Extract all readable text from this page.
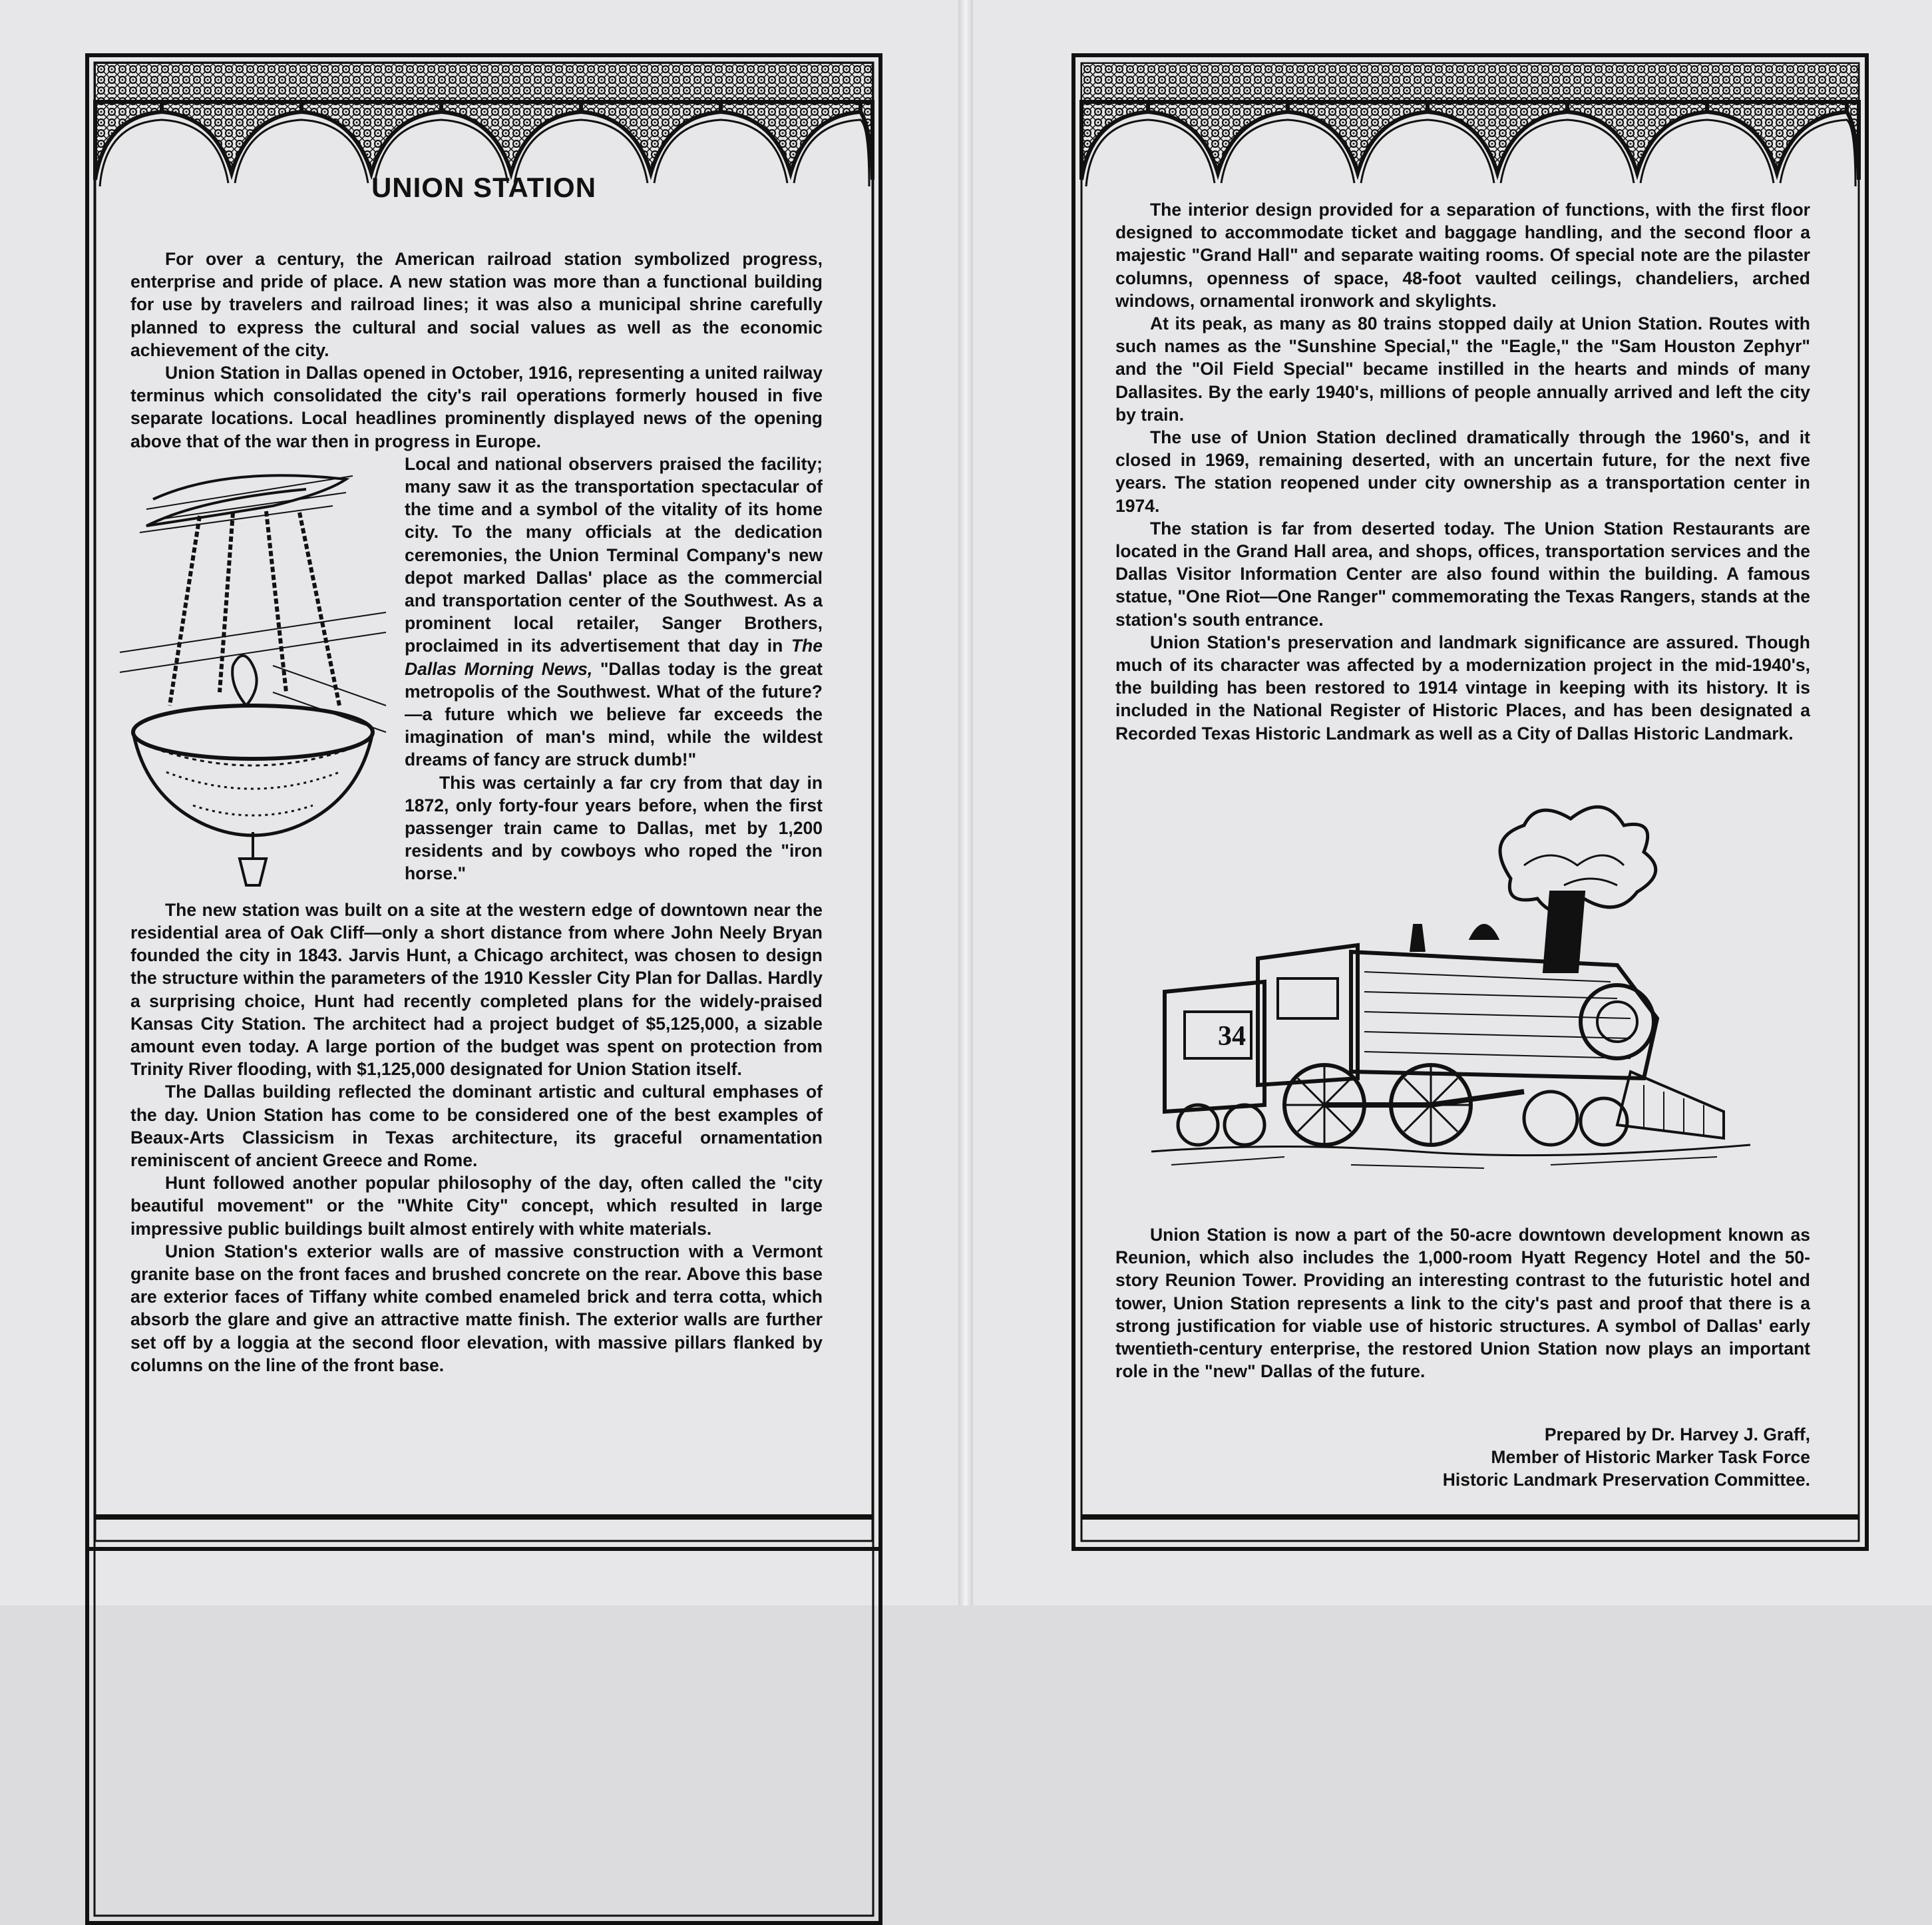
UNION STATION

For over a century, the American railroad station symbolized progress, enterprise and pride of place. A new station was more than a functional building for use by travelers and railroad lines; it was also a municipal shrine carefully planned to express the cultural and social values as well as the economic achievement of the city.

Union Station in Dallas opened in October, 1916, representing a united railway terminus which consolidated the city's rail operations formerly housed in five separate locations. Local headlines prominently displayed news of the opening above that of the war then in progress in Europe.

Local and national observers praised the facility; many saw it as the transportation spectacular of the time and a symbol of the vitality of its home city. To the many officials at the dedication ceremonies, the Union Terminal Company's new depot marked Dallas' place as the commercial and transportation center of the Southwest. As a prominent local retailer, Sanger Brothers, proclaimed in its advertisement that day in The Dallas Morning News, "Dallas today is the great metropolis of the Southwest. What of the future?—a future which we believe far exceeds the imagination of man's mind, while the wildest dreams of fancy are struck dumb!"

This was certainly a far cry from that day in 1872, only forty-four years before, when the first passenger train came to Dallas, met by 1,200 residents and by cowboys who roped the "iron horse."

The new station was built on a site at the western edge of downtown near the residential area of Oak Cliff—only a short distance from where John Neely Bryan founded the city in 1843. Jarvis Hunt, a Chicago architect, was chosen to design the structure within the parameters of the 1910 Kessler City Plan for Dallas. Hardly a surprising choice, Hunt had recently completed plans for the widely-praised Kansas City Station. The architect had a project budget of $5,125,000, a sizable amount even today. A large portion of the budget was spent on protection from Trinity River flooding, with $1,125,000 designated for Union Station itself.

The Dallas building reflected the dominant artistic and cultural emphases of the day. Union Station has come to be considered one of the best examples of Beaux-Arts Classicism in Texas architecture, its graceful ornamentation reminiscent of ancient Greece and Rome.

Hunt followed another popular philosophy of the day, often called the "city beautiful movement" or the "White City" concept, which resulted in large impressive public buildings built almost entirely with white materials.

Union Station's exterior walls are of massive construction with a Vermont granite base on the front faces and brushed concrete on the rear. Above this base are exterior faces of Tiffany white combed enameled brick and terra cotta, which absorb the glare and give an attractive matte finish. The exterior walls are further set off by a loggia at the second floor elevation, with massive pillars flanked by columns on the line of the front base.

The interior design provided for a separation of functions, with the first floor designed to accommodate ticket and baggage handling, and the second floor a majestic "Grand Hall" and separate waiting rooms. Of special note are the pilaster columns, openness of space, 48-foot vaulted ceilings, chandeliers, arched windows, ornamental ironwork and skylights.

At its peak, as many as 80 trains stopped daily at Union Station. Routes with such names as the "Sunshine Special," the "Eagle," the "Sam Houston Zephyr" and the "Oil Field Special" became instilled in the hearts and minds of many Dallasites. By the early 1940's, millions of people annually arrived and left the city by train.

The use of Union Station declined dramatically through the 1960's, and it closed in 1969, remaining deserted, with an uncertain future, for the next five years. The station reopened under city ownership as a transportation center in 1974.

The station is far from deserted today. The Union Station Restaurants are located in the Grand Hall area, and shops, offices, transportation services and the Dallas Visitor Information Center are also found within the building. A famous statue, "One Riot—One Ranger" commemorating the Texas Rangers, stands at the station's south entrance.

Union Station's preservation and landmark significance are assured. Though much of its character was affected by a modernization project in the mid-1940's, the building has been restored to 1914 vintage in keeping with its history. It is included in the National Register of Historic Places, and has been designated a Recorded Texas Historic Landmark as well as a City of Dallas Historic Landmark.

34

Union Station is now a part of the 50-acre downtown development known as Reunion, which also includes the 1,000-room Hyatt Regency Hotel and the 50-story Reunion Tower. Providing an interesting contrast to the futuristic hotel and tower, Union Station represents a link to the city's past and proof that there is a strong justification for viable use of historic structures. A symbol of Dallas' early twentieth-century enterprise, the restored Union Station now plays an important role in the "new" Dallas of the future.

Prepared by Dr. Harvey J. Graff,
Member of Historic Marker Task Force
Historic Landmark Preservation Committee.
